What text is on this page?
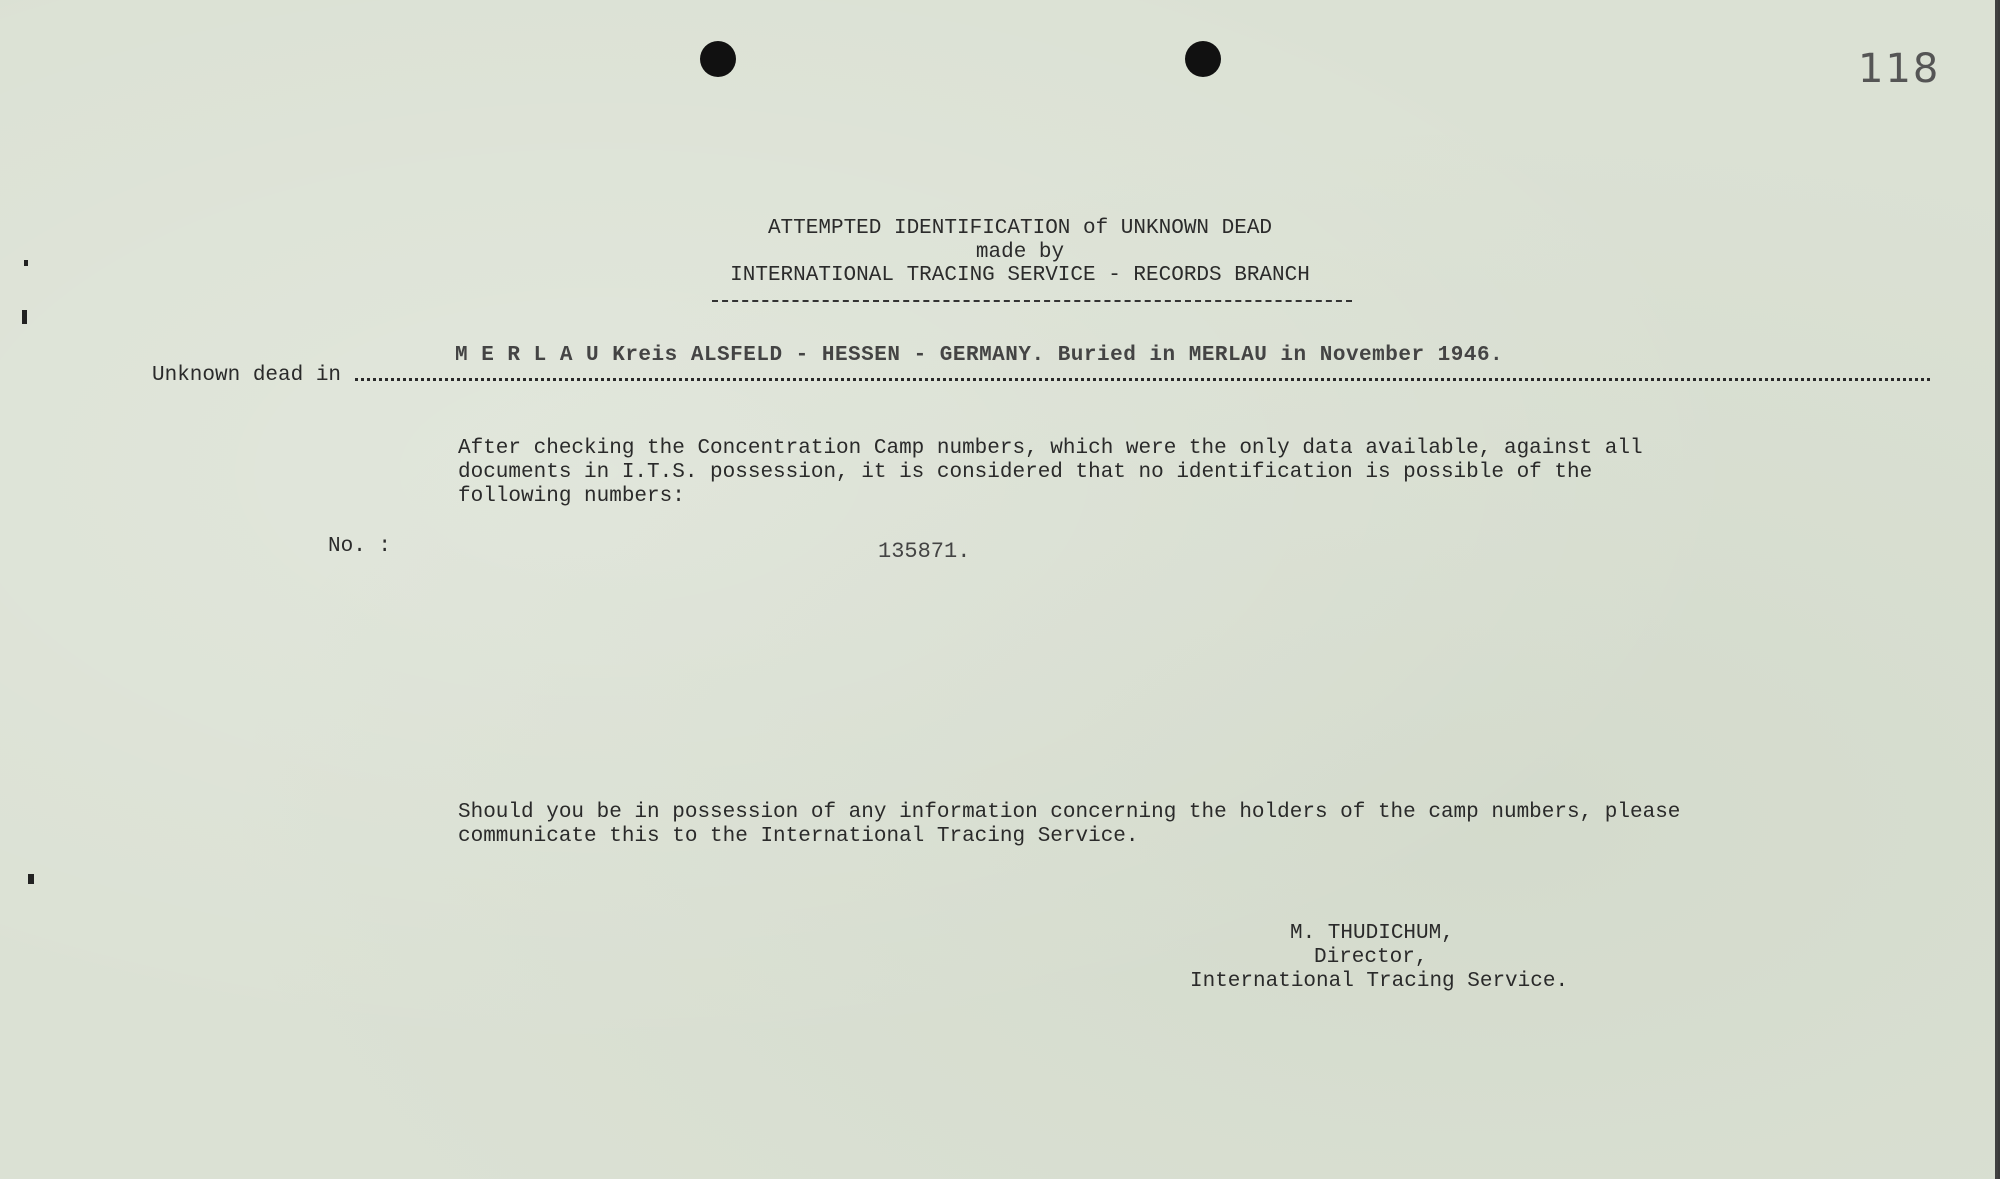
118
ATTEMPTED IDENTIFICATION of UNKNOWN DEAD
made by
INTERNATIONAL TRACING SERVICE - RECORDS BRANCH
Unknown dead in
M E R L A U Kreis ALSFELD - HESSEN - GERMANY. Buried in MERLAU in November 1946.
After checking the Concentration Camp numbers, which were the only data available, against all documents in I.T.S. possession, it is considered that no identification is possible of the following numbers:
No. :	135871.
Should you be in possession of any information concerning the holders of the camp numbers, please communicate this to the International Tracing Service.
M. THUDICHUM,
Director,
International Tracing Service.
